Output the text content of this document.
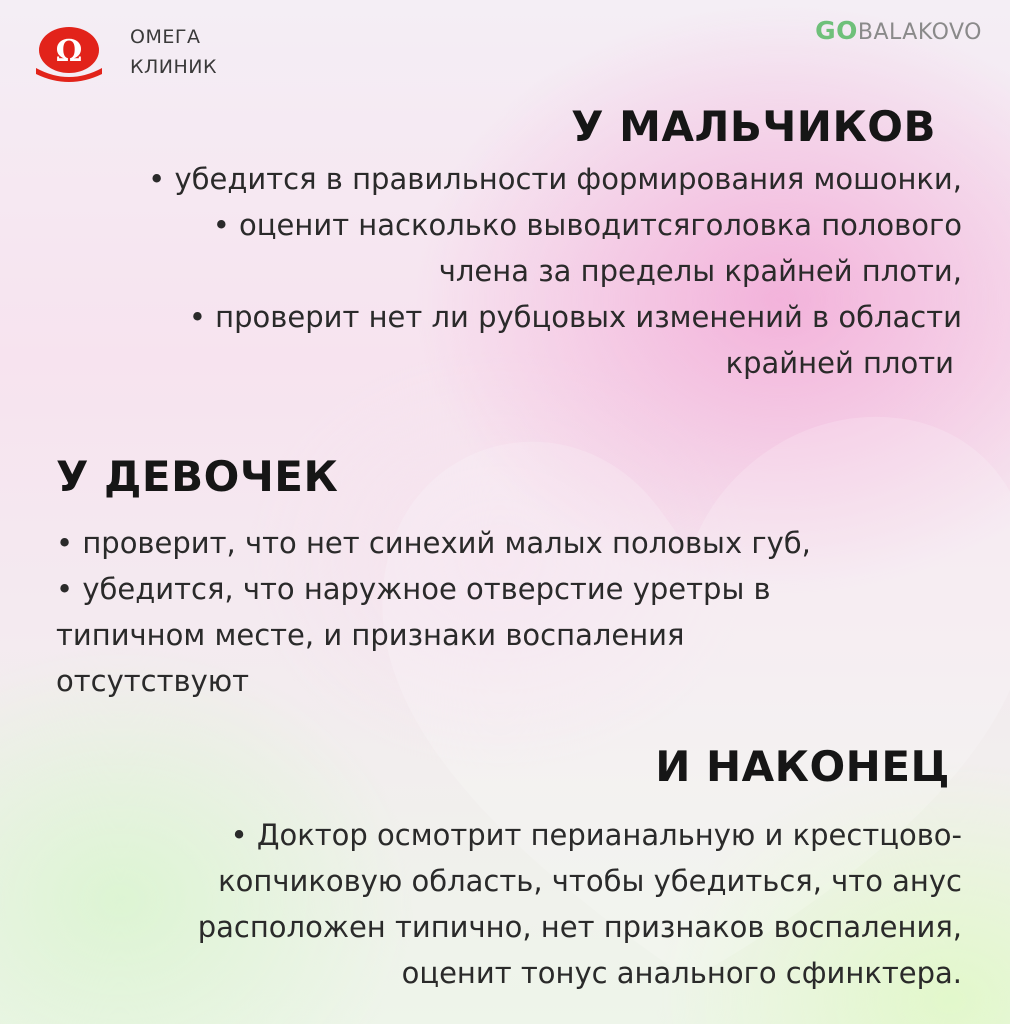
Ω	ОМЕГА
КЛИНИК
GOBALAKOVO
У МАЛЬЧИКОВ
• убедится в правильности формирования мошонки,
• оценит насколько выводитсяголовка полового
члена за пределы крайней плоти,
• проверит нет ли рубцовых изменений в области
крайней плоти
У ДЕВОЧЕК
• проверит, что нет синехий малых половых губ,
• убедится, что наружное отверстие уретры в
типичном месте, и признаки воспаления
отсутствуют
И НАКОНЕЦ
• Доктор осмотрит перианальную и крестцово-
копчиковую область, чтобы убедиться, что анус
расположен типично, нет признаков воспаления,
оценит тонус анального сфинктера.
